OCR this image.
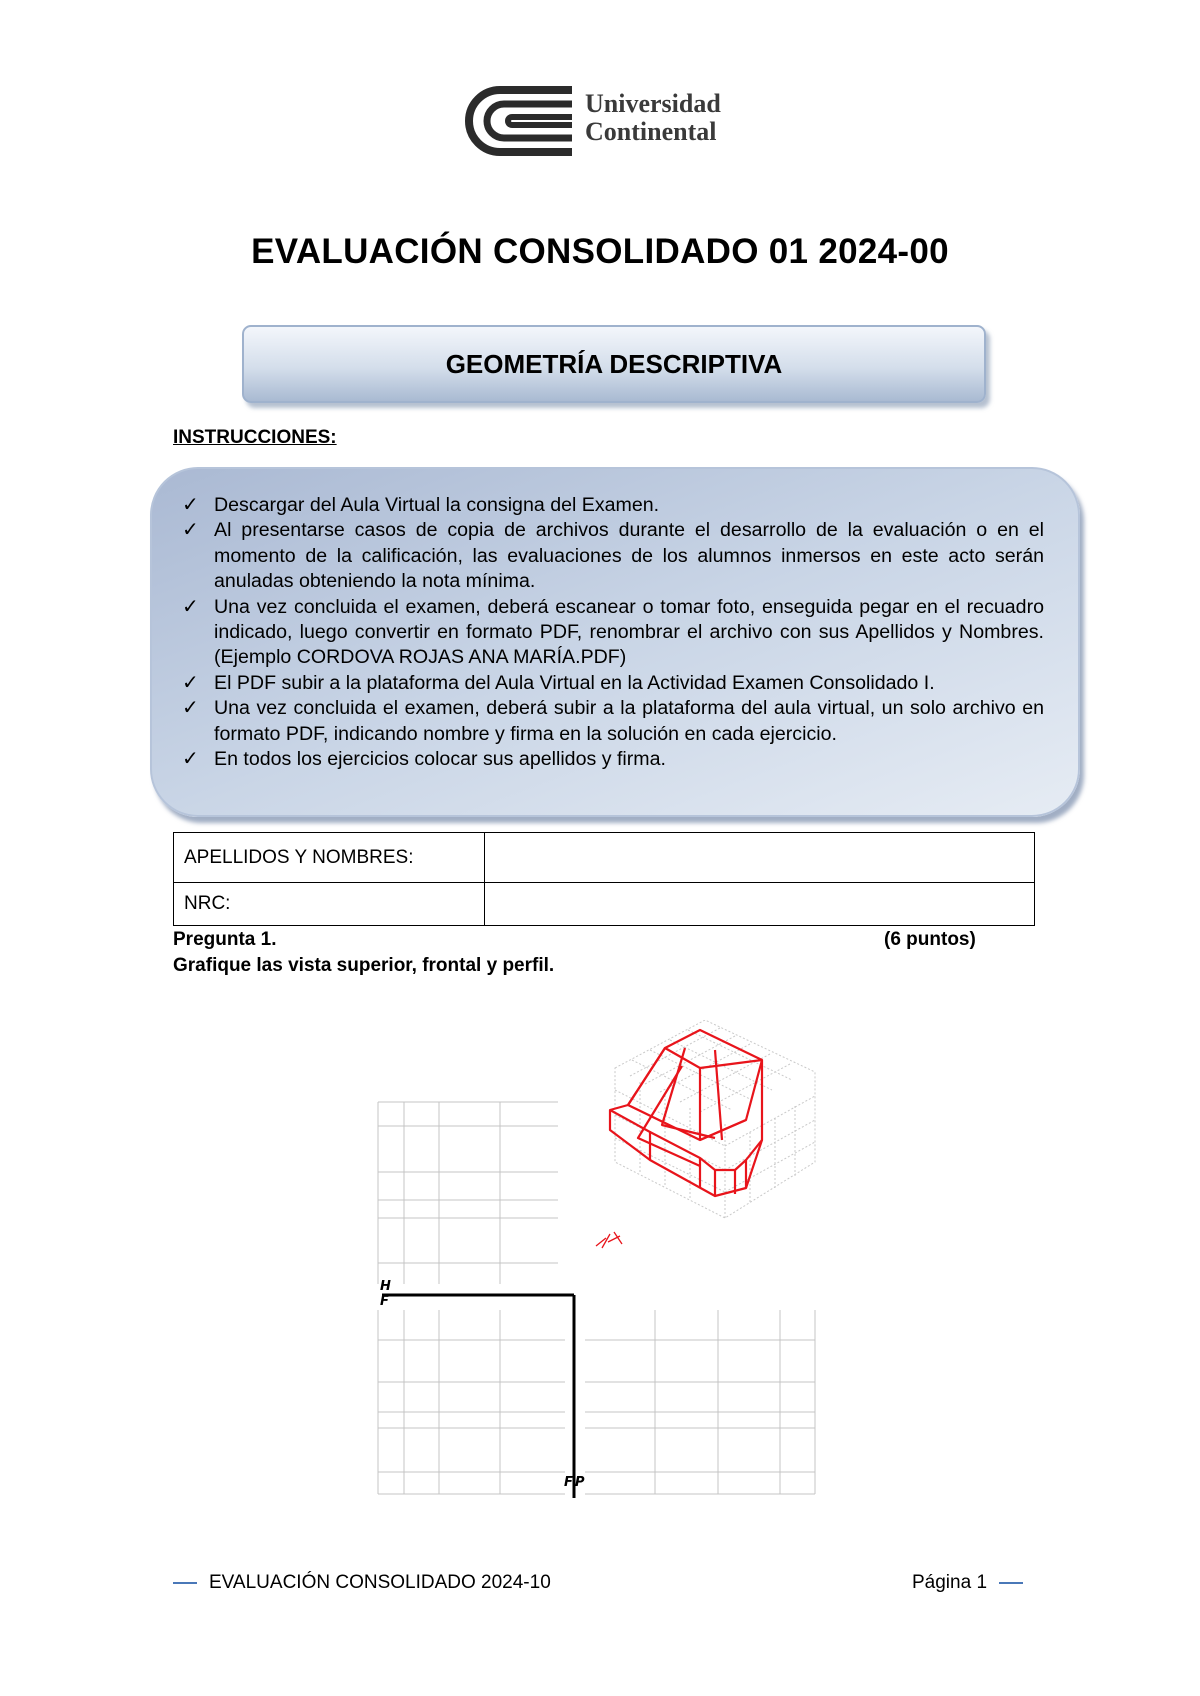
Universidad
Continental
EVALUACIÓN CONSOLIDADO 01 2024-00
GEOMETRÍA DESCRIPTIVA
INSTRUCCIONES:
✓ Descargar del Aula Virtual la consigna del Examen.
✓ Al presentarse casos de copia de archivos durante el desarrollo de la evaluación o en el momento de la calificación, las evaluaciones de los alumnos inmersos en este acto serán anuladas obteniendo la nota mínima.
✓ Una vez concluida el examen, deberá escanear o tomar foto, enseguida pegar en el recuadro indicado, luego convertir en formato PDF, renombrar el archivo con sus Apellidos y Nombres. (Ejemplo CORDOVA ROJAS ANA MARÍA.PDF)
✓ El PDF subir a la plataforma del Aula Virtual en la Actividad Examen Consolidado I.
✓ Una vez concluida el examen, deberá subir a la plataforma del aula virtual, un solo archivo en formato PDF, indicando nombre y firma en la solución en cada ejercicio.
✓ En todos los ejercicios colocar sus apellidos y firma.
APELLIDOS Y NOMBRES:	
NRC:	
Pregunta 1.	(6 puntos)
Grafique las vista superior, frontal y perfil.
H
F
F P
EVALUACIÓN CONSOLIDADO 2024-10	Página 1
